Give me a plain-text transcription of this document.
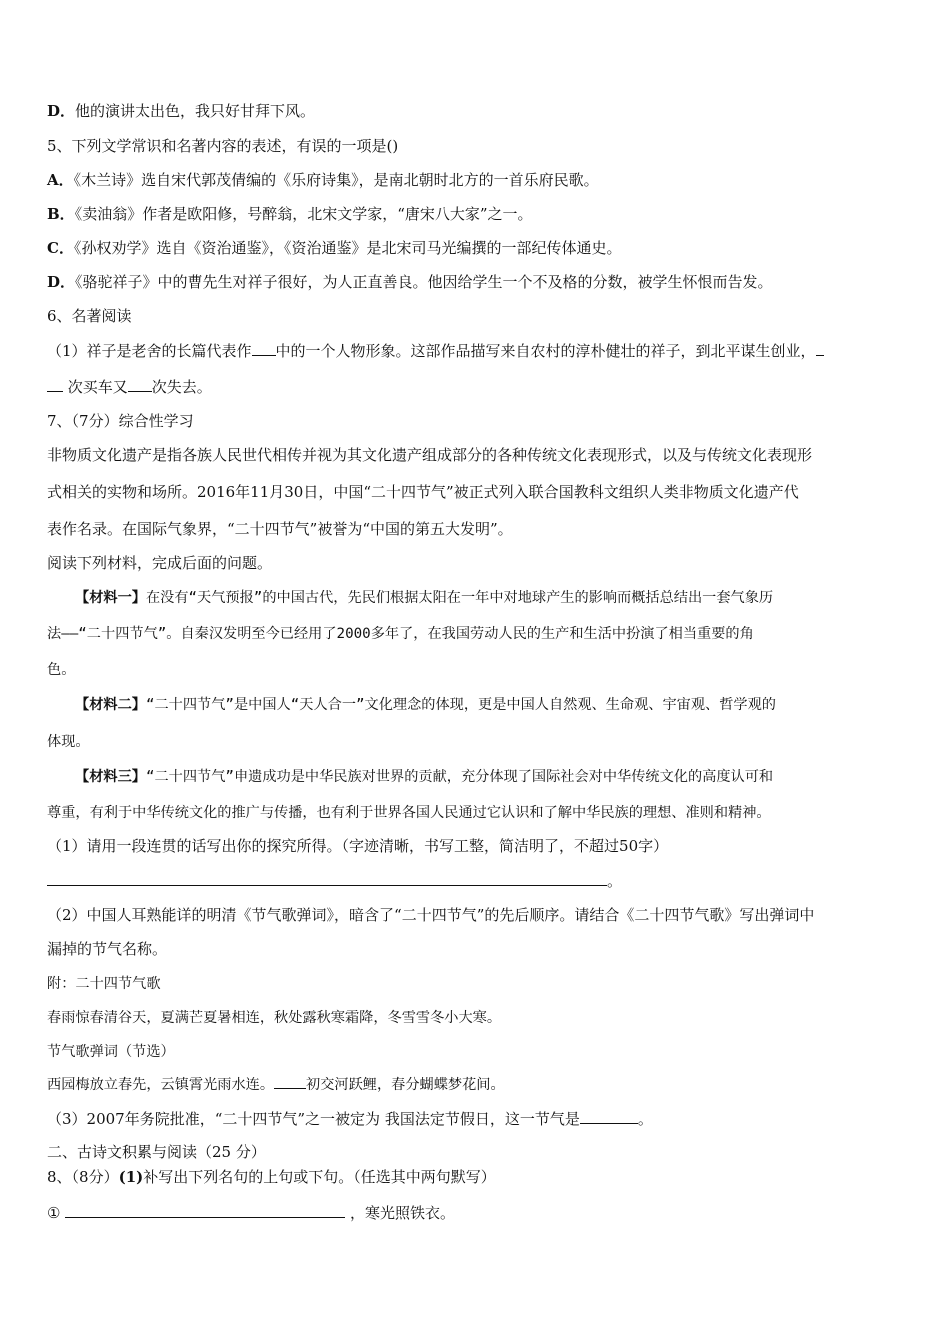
D．他的演讲太出色，我只好甘拜下风。
5、下列文学常识和名著内容的表述，有误的一项是()
A．《木兰诗》选自宋代郭茂倩编的《乐府诗集》，是南北朝时北方的一首乐府民歌。
B．《卖油翁》作者是欧阳修，号醉翁，北宋文学家，“唐宋八大家”之一。
C．《孙权劝学》选自《资治通鉴》，《资治通鉴》是北宋司马光编撰的一部纪传体通史。
D．《骆驼祥子》中的曹先生对祥子很好，为人正直善良。他因给学生一个不及格的分数，被学生怀恨而告发。
6、名著阅读
（1）祥子是老舍的长篇代表作 中的一个人物形象。这部作品描写来自农村的淳朴健壮的祥子，到北平谋生创业，
次买车又 次失去。
7、（7分）综合性学习
非物质文化遗产是指各族人民世代相传并视为其文化遗产组成部分的各种传统文化表现形式，以及与传统文化表现形
式相关的实物和场所。2016年11月30日，中国“二十四节气”被正式列入联合国教科文组织人类非物质文化遗产代
表作名录。在国际气象界，“二十四节气”被誉为“中国的第五大发明”。
阅读下列材料，完成后面的问题。
【材料一】在没有“天气预报”的中国古代，先民们根据太阳在一年中对地球产生的影响而概括总结出一套气象历
法——“二十四节气”。自秦汉发明至今已经用了2000多年了，在我国劳动人民的生产和生活中扮演了相当重要的角
色。
【材料二】“二十四节气”是中国人“天人合一”文化理念的体现，更是中国人自然观、生命观、宇宙观、哲学观的
体现。
【材料三】“二十四节气”申遗成功是中华民族对世界的贡献，充分体现了国际社会对中华传统文化的高度认可和
尊重，有利于中华传统文化的推广与传播，也有利于世界各国人民通过它认识和了解中华民族的理想、准则和精神。
（1）请用一段连贯的话写出你的探究所得。（字迹清晰，书写工整，简洁明了，不超过50字）
。
（2）中国人耳熟能详的明清《节气歌弹词》，暗含了“二十四节气”的先后顺序。请结合《二十四节气歌》写出弹词中
漏掉的节气名称。
附：二十四节气歌
春雨惊春清谷天，夏满芒夏暑相连，秋处露秋寒霜降，冬雪雪冬小大寒。
节气歌弹词（节选）
西园梅放立春先，云镇霄光雨水连。 初交河跃鲤，春分蝴蝶梦花间。
（3）2007年务院批准，“二十四节气”之一被定为 我国法定节假日，这一节气是	。
二、古诗文积累与阅读（25 分）
8、（8分）(1)补写出下列名句的上句或下句。（任选其中两句默写）
①	，寒光照铁衣。
